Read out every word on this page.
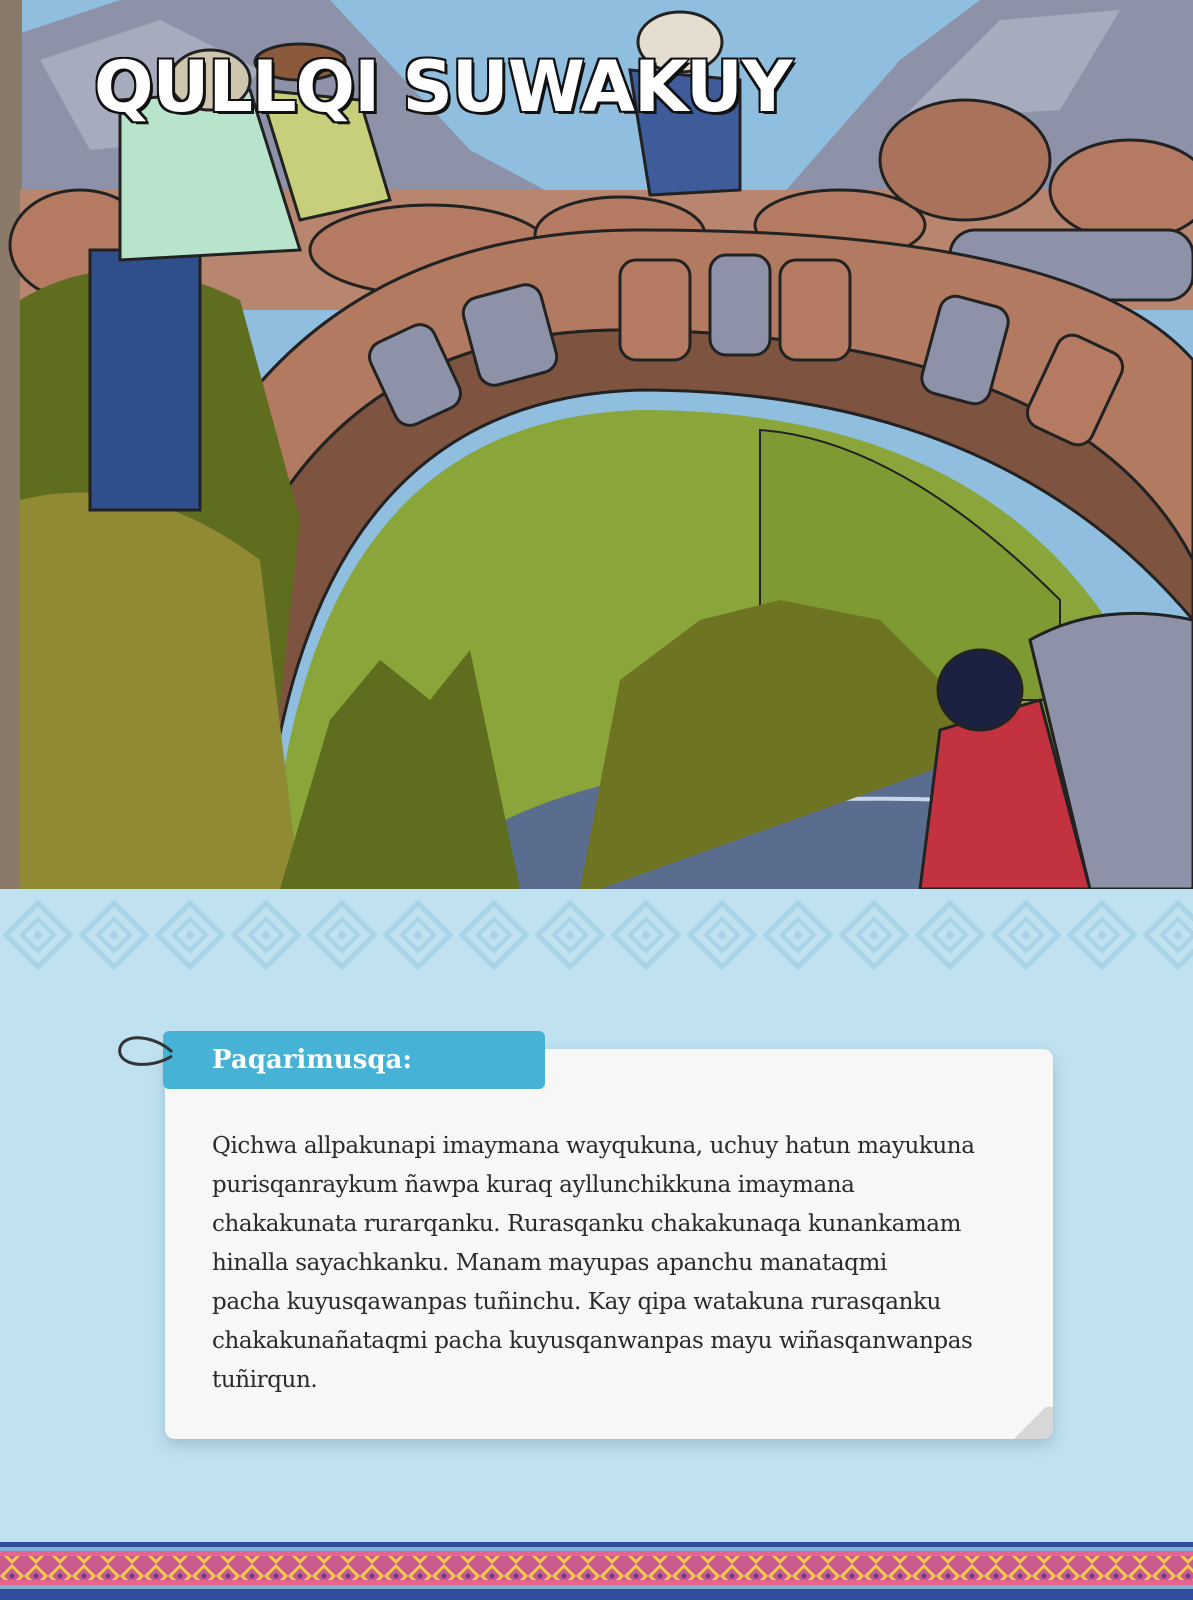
QULLQI SUWAKUY
Paqarimusqa:

Qichwa allpakunapi imaymana wayqukuna, uchuy hatun mayukuna
purisqanraykum ñawpa kuraq ayllunchikkuna imaymana
chakakunata rurarqanku. Rurasqanku chakakunaqa kunankamam
hinalla sayachkanku. Manam mayupas apanchu manataqmi
pacha kuyusqawanpas tuñinchu. Kay qipa watakuna rurasqanku
chakakunañataqmi pacha kuyusqanwanpas mayu wiñasqanwanpas
tuñirqun.
